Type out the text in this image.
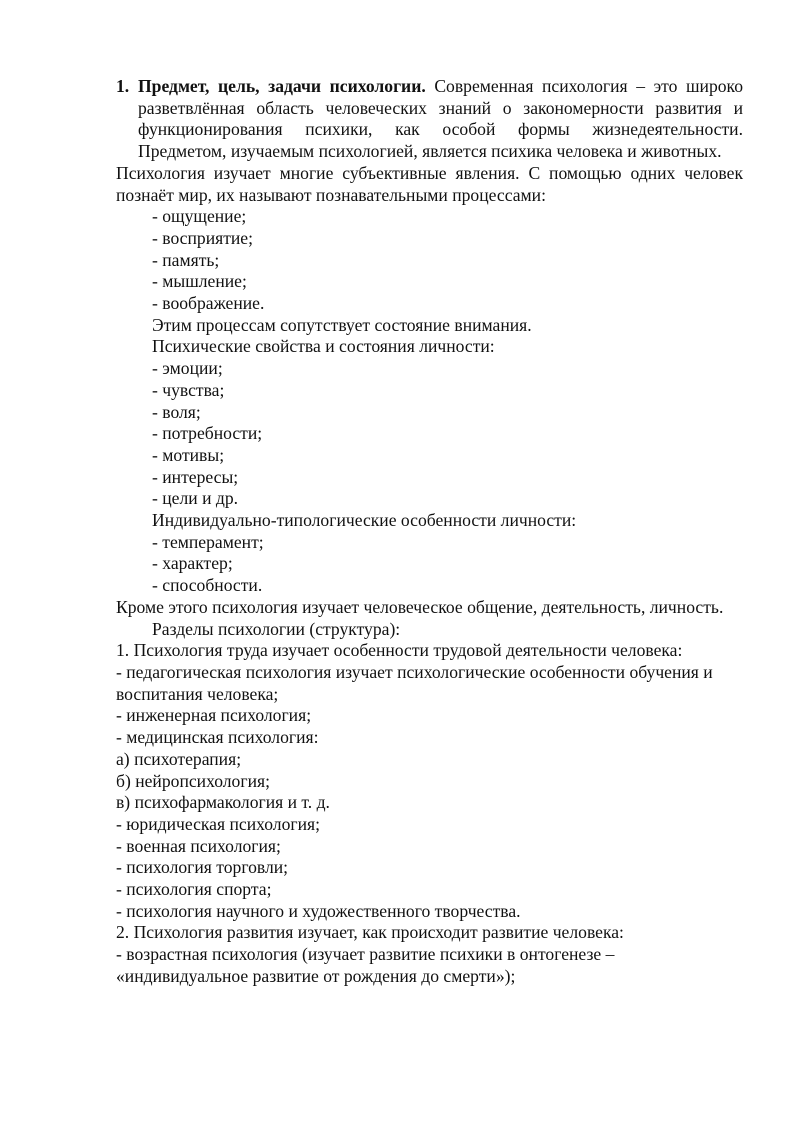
1. Предмет, цель, задачи психологии. Современная психология – это широко разветвлённая область человеческих знаний о закономерности развития и функционирования психики, как особой формы жизнедеятельности. Предметом, изучаемым психологией, является психика человека и животных.

Психология изучает многие субъективные явления. С помощью одних человек познаёт мир, их называют познавательными процессами:

- ощущение;
- восприятие;
- память;
- мышление;
- воображение.

Этим процессам сопутствует состояние внимания.

Психические свойства и состояния личности:

- эмоции;
- чувства;
- воля;
- потребности;
- мотивы;
- интересы;
- цели и др.

Индивидуально-типологические особенности личности:

- темперамент;
- характер;
- способности.

Кроме этого психология изучает человеческое общение, деятельность, личность.

Разделы психологии (структура):

1. Психология труда изучает особенности трудовой деятельности человека:

- педагогическая психология изучает психологические особенности обучения и воспитания человека;
- инженерная психология;
- медицинская психология:
а) психотерапия;
б) нейропсихология;
в) психофармакология и т. д.
- юридическая психология;
- военная психология;
- психология торговли;
- психология спорта;
- психология научного и художественного творчества.

2. Психология развития изучает, как происходит развитие человека:

- возрастная психология (изучает развитие психики в онтогенезе – «индивидуальное развитие от рождения до смерти»);
